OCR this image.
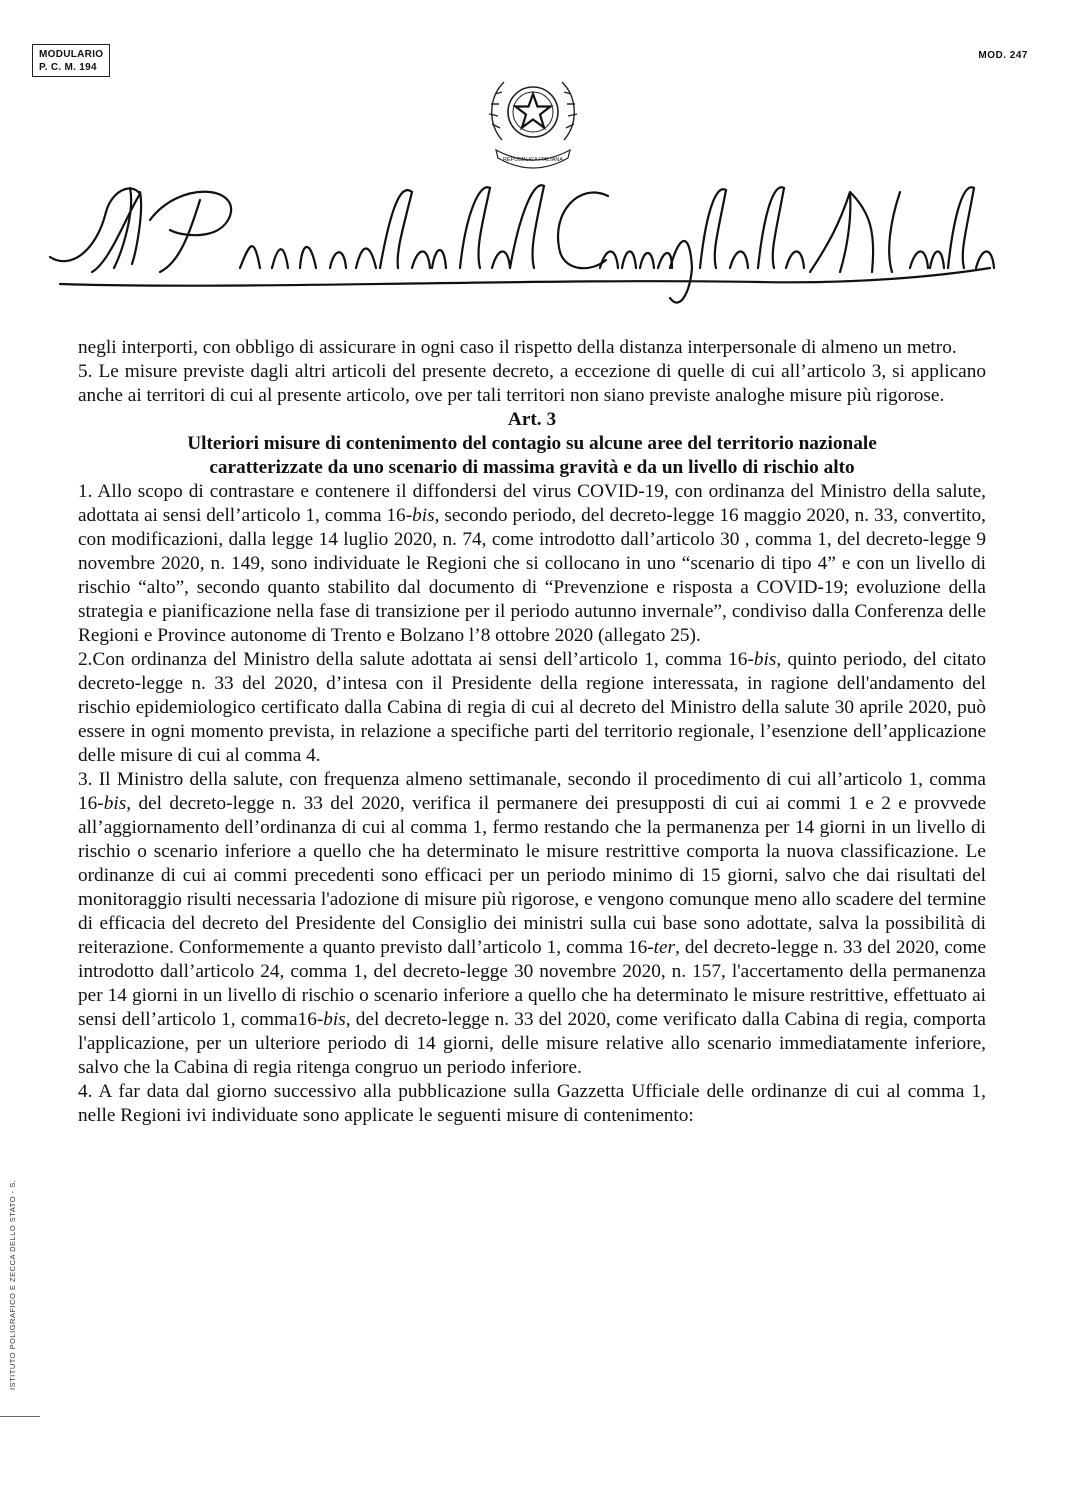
MODULARIO
P. C. M. 194
MOD. 247
REPUBBLICA ITALIANA

negli interporti, con obbligo di assicurare in ogni caso il rispetto della distanza interpersonale di almeno un metro.

5. Le misure previste dagli altri articoli del presente decreto, a eccezione di quelle di cui all’articolo 3, si applicano anche ai territori di cui al presente articolo, ove per tali territori non siano previste analoghe misure più rigorose.

Art. 3

Ulteriori misure di contenimento del contagio su alcune aree del territorio nazionale
caratterizzate da uno scenario di massima gravità e da un livello di rischio alto

1. Allo scopo di contrastare e contenere il diffondersi del virus COVID-19, con ordinanza del Ministro della salute, adottata ai sensi dell’articolo 1, comma 16-bis, secondo periodo, del decreto-legge 16 maggio 2020, n. 33, convertito, con modificazioni, dalla legge 14 luglio 2020, n. 74, come introdotto dall’articolo 30 , comma 1, del decreto-legge 9 novembre 2020, n. 149, sono individuate le Regioni che si collocano in uno “scenario di tipo 4” e con un livello di rischio “alto”, secondo quanto stabilito dal documento di “Prevenzione e risposta a COVID-19; evoluzione della strategia e pianificazione nella fase di transizione per il periodo autunno invernale”, condiviso dalla Conferenza delle Regioni e Province autonome di Trento e Bolzano l’8 ottobre 2020 (allegato 25).

2.Con ordinanza del Ministro della salute adottata ai sensi dell’articolo 1, comma 16-bis, quinto periodo, del citato decreto-legge n. 33 del 2020, d’intesa con il Presidente della regione interessata, in ragione dell'andamento del rischio epidemiologico certificato dalla Cabina di regia di cui al decreto del Ministro della salute 30 aprile 2020, può essere in ogni momento prevista, in relazione a specifiche parti del territorio regionale, l’esenzione dell’applicazione delle misure di cui al comma 4.

3. Il Ministro della salute, con frequenza almeno settimanale, secondo il procedimento di cui all’articolo 1, comma 16-bis, del decreto-legge n. 33 del 2020, verifica il permanere dei presupposti di cui ai commi 1 e 2 e provvede all’aggiornamento dell’ordinanza di cui al comma 1, fermo restando che la permanenza per 14 giorni in un livello di rischio o scenario inferiore a quello che ha determinato le misure restrittive comporta la nuova classificazione. Le ordinanze di cui ai commi precedenti sono efficaci per un periodo minimo di 15 giorni, salvo che dai risultati del monitoraggio risulti necessaria l'adozione di misure più rigorose, e vengono comunque meno allo scadere del termine di efficacia del decreto del Presidente del Consiglio dei ministri sulla cui base sono adottate, salva la possibilità di reiterazione. Conformemente a quanto previsto dall’articolo 1, comma 16-ter, del decreto-legge n. 33 del 2020, come introdotto dall’articolo 24, comma 1, del decreto-legge 30 novembre 2020, n. 157, l'accertamento della permanenza per 14 giorni in un livello di rischio o scenario inferiore a quello che ha determinato le misure restrittive, effettuato ai sensi dell’articolo 1, comma16-bis, del decreto-legge n. 33 del 2020, come verificato dalla Cabina di regia, comporta l'applicazione, per un ulteriore periodo di 14 giorni, delle misure relative allo scenario immediatamente inferiore, salvo che la Cabina di regia ritenga congruo un periodo inferiore.

4. A far data dal giorno successivo alla pubblicazione sulla Gazzetta Ufficiale delle ordinanze di cui al comma 1, nelle Regioni ivi individuate sono applicate le seguenti misure di contenimento:

ISTITUTO POLIGRAFICO E ZECCA DELLO STATO - S.
